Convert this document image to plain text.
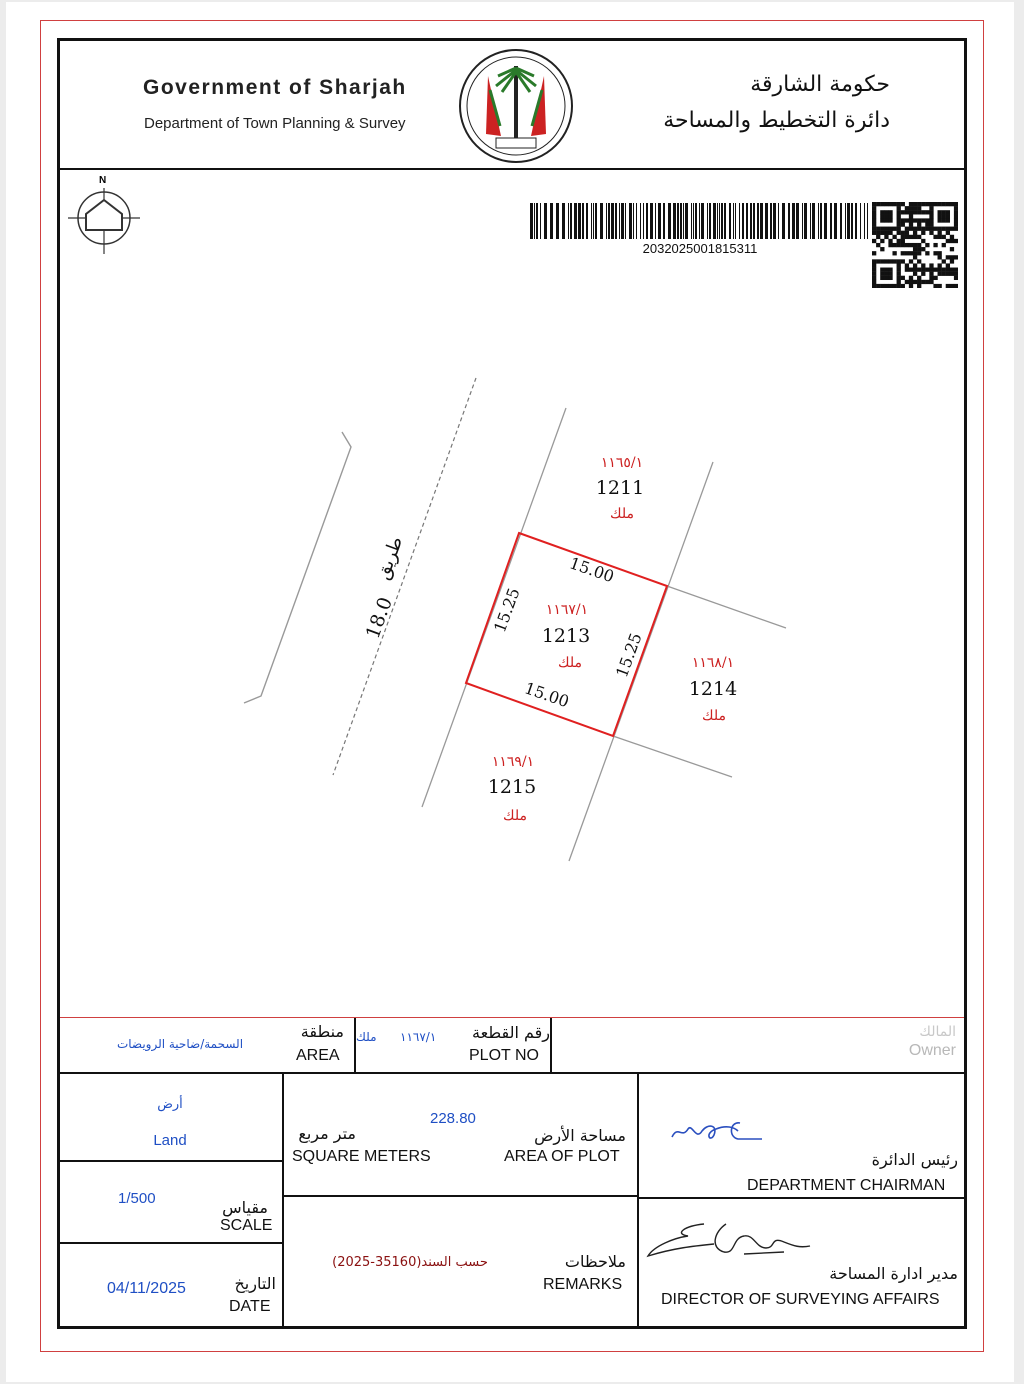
Government of Sharjah
Department of Town Planning & Survey
حكومة الشارقة
دائرة التخطيط والمساحة
N
2032025001815311
طريق
18.0
15.00
15.00
15.25
15.25
١١٦٥/١
1211
ملك
١١٦٧/١
1213
ملك	١١٦٨/١
1214
ملك
١١٦٩/١
1215
ملك
السحمة/ضاحية الرويضات
منطقة
AREA
ملك ١١٦٧/١	رقم القطعة
PLOT NO
المالك
Owner
أرض
Land
1/500	مقياس
SCALE
04/11/2025	التاريخ
DATE
228.80
متر مربع
SQUARE METERS
مساحة الأرض
AREA OF PLOT
حسب السند(35160-2025)	ملاحظات
REMARKS
رئيس الدائرة
DEPARTMENT CHAIRMAN
مدير ادارة المساحة
DIRECTOR OF SURVEYING AFFAIRS
